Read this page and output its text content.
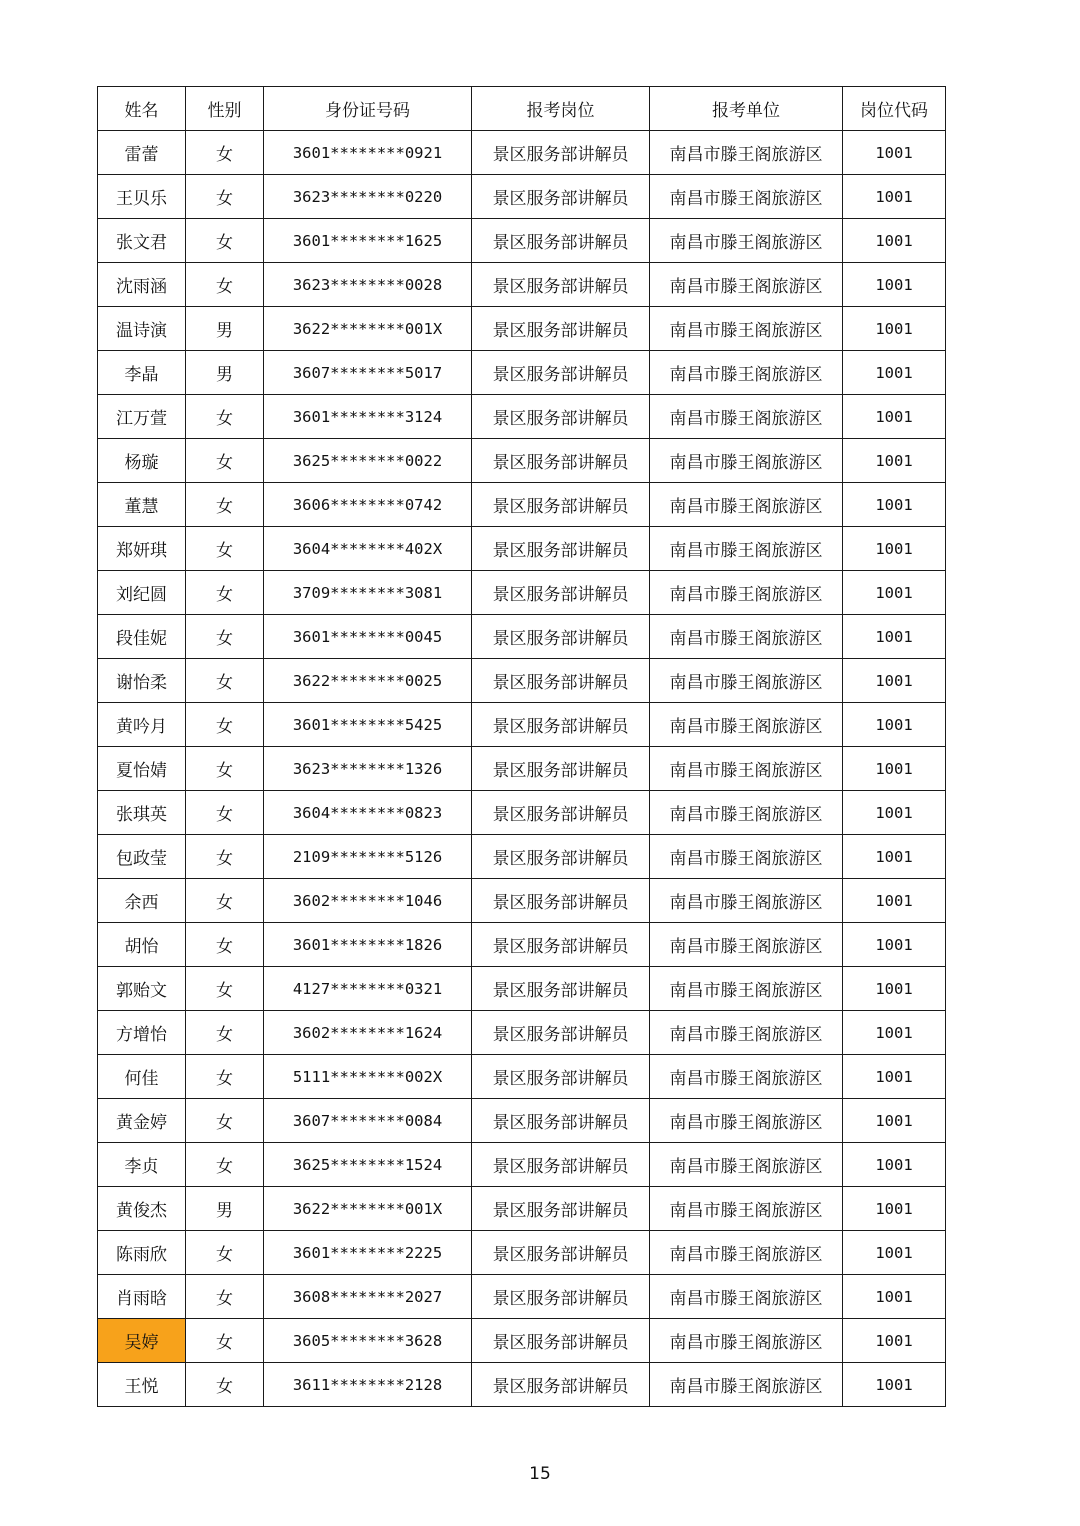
姓名	性别	身份证号码	报考岗位	报考单位	岗位代码
雷蕾	女	3601********0921	景区服务部讲解员	南昌市滕王阁旅游区	1001
王贝乐	女	3623********0220	景区服务部讲解员	南昌市滕王阁旅游区	1001
张文君	女	3601********1625	景区服务部讲解员	南昌市滕王阁旅游区	1001
沈雨涵	女	3623********0028	景区服务部讲解员	南昌市滕王阁旅游区	1001
温诗演	男	3622********001X	景区服务部讲解员	南昌市滕王阁旅游区	1001
李晶	男	3607********5017	景区服务部讲解员	南昌市滕王阁旅游区	1001
江万萱	女	3601********3124	景区服务部讲解员	南昌市滕王阁旅游区	1001
杨璇	女	3625********0022	景区服务部讲解员	南昌市滕王阁旅游区	1001
董慧	女	3606********0742	景区服务部讲解员	南昌市滕王阁旅游区	1001
郑妍琪	女	3604********402X	景区服务部讲解员	南昌市滕王阁旅游区	1001
刘纪圆	女	3709********3081	景区服务部讲解员	南昌市滕王阁旅游区	1001
段佳妮	女	3601********0045	景区服务部讲解员	南昌市滕王阁旅游区	1001
谢怡柔	女	3622********0025	景区服务部讲解员	南昌市滕王阁旅游区	1001
黄吟月	女	3601********5425	景区服务部讲解员	南昌市滕王阁旅游区	1001
夏怡婧	女	3623********1326	景区服务部讲解员	南昌市滕王阁旅游区	1001
张琪英	女	3604********0823	景区服务部讲解员	南昌市滕王阁旅游区	1001
包政莹	女	2109********5126	景区服务部讲解员	南昌市滕王阁旅游区	1001
余西	女	3602********1046	景区服务部讲解员	南昌市滕王阁旅游区	1001
胡怡	女	3601********1826	景区服务部讲解员	南昌市滕王阁旅游区	1001
郭贻文	女	4127********0321	景区服务部讲解员	南昌市滕王阁旅游区	1001
方增怡	女	3602********1624	景区服务部讲解员	南昌市滕王阁旅游区	1001
何佳	女	5111********002X	景区服务部讲解员	南昌市滕王阁旅游区	1001
黄金婷	女	3607********0084	景区服务部讲解员	南昌市滕王阁旅游区	1001
李贞	女	3625********1524	景区服务部讲解员	南昌市滕王阁旅游区	1001
黄俊杰	男	3622********001X	景区服务部讲解员	南昌市滕王阁旅游区	1001
陈雨欣	女	3601********2225	景区服务部讲解员	南昌市滕王阁旅游区	1001
肖雨晗	女	3608********2027	景区服务部讲解员	南昌市滕王阁旅游区	1001
吴婷	女	3605********3628	景区服务部讲解员	南昌市滕王阁旅游区	1001
王悦	女	3611********2128	景区服务部讲解员	南昌市滕王阁旅游区	1001
15
